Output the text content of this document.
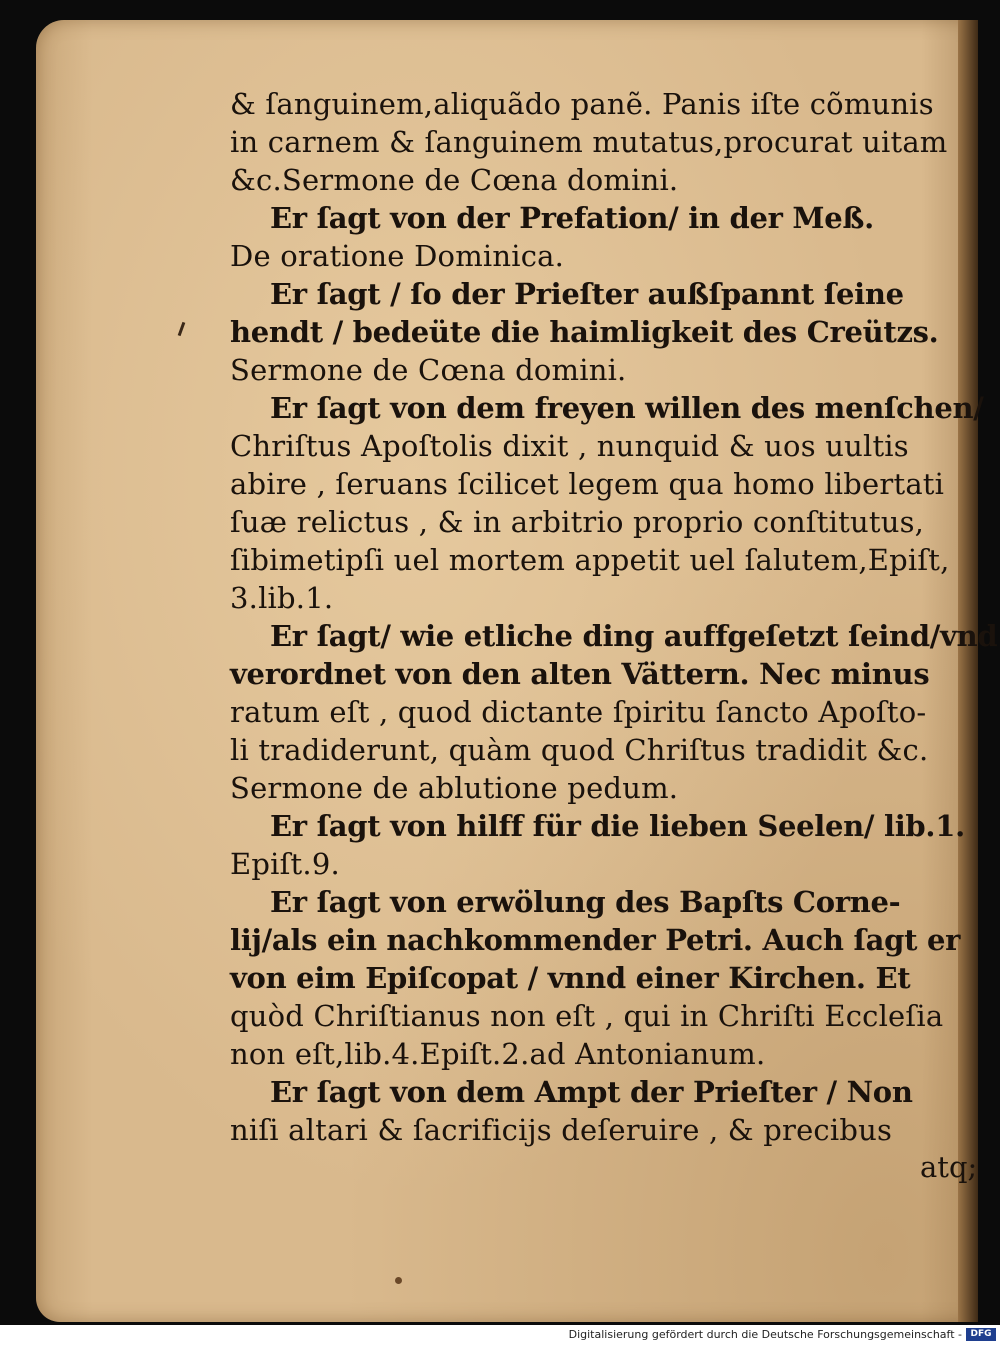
& ſanguinem,aliquãdo panẽ. Panis iſte cõmunis
in carnem & ſanguinem mutatus,procurat uitam
&c.Sermone de Cœna domini.
Er ſagt von der Prefation/ in der Meß.
De oratione Dominica.
Er ſagt / ſo der Prieſter außſpannt ſeine
hendt / bedeüte die haimligkeit des Creützs.
Sermone de Cœna domini.
Er ſagt von dem freyen willen des menſchen/
Chriſtus Apoſtolis dixit , nunquid & uos uultis
abire , ſeruans ſcilicet legem qua homo libertati
ſuæ relictus , & in arbitrio proprio conſtitutus,
ſibimetipſi uel mortem appetit uel ſalutem,Epiſt,
3.lib.1.
Er ſagt/ wie etliche ding auffgeſetzt ſeind/vnd
verordnet von den alten Vättern. Nec minus
ratum eſt , quod dictante ſpiritu ſancto Apoſto-
li tradiderunt, quàm quod Chriſtus tradidit &c.
Sermone de ablutione pedum.
Er ſagt von hilff für die lieben Seelen/ lib.1.
Epiſt.9.
Er ſagt von erwölung des Bapſts Corne-
lij/als ein nachkommender Petri. Auch ſagt er
von eim Epiſcopat / vnnd einer Kirchen. Et
quòd Chriſtianus non eſt , qui in Chriſti Eccleſia
non eſt,lib.4.Epiſt.2.ad Antonianum.
Er ſagt von dem Ampt der Prieſter / Non
niſi altari & ſacrificijs deſeruire , & precibus
atq;
Digitalisierung gefördert durch die Deutsche Forschungsgemeinschaft - DFG
